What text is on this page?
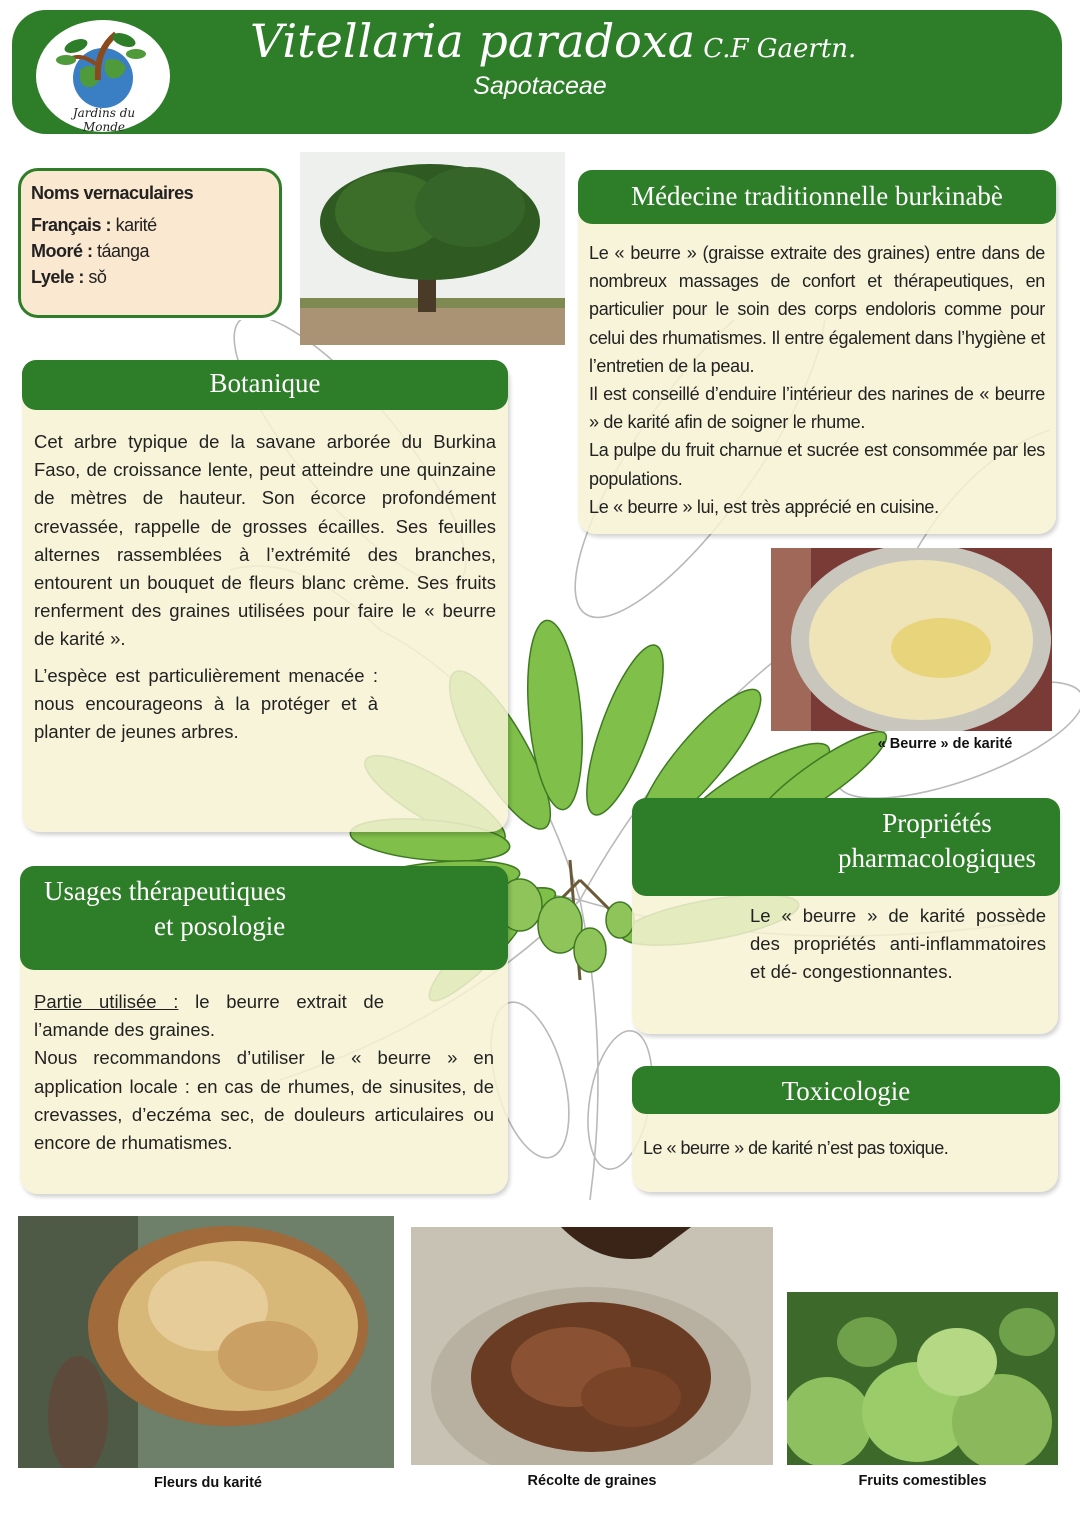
Jardins du Monde
Vitellaria paradoxa C.F Gaertn.
Sapotaceae
Noms vernaculaires
Français : karité
Mooré : táanga
Lyele : sǒ
Botanique

Cet arbre typique de la savane arborée du Burkina Faso, de croissance lente, peut atteindre une quinzaine de mètres de hauteur. Son écorce profondément crevassée, rappelle de grosses écailles. Ses feuilles alternes rassemblées à l’extrémité des branches, entourent un bouquet de fleurs blanc crème. Ses fruits renferment des graines utilisées pour faire le « beurre de karité ».

L’espèce est particulièrement menacée : nous encourageons à la protéger et à planter de jeunes arbres.

Médecine traditionnelle burkinabè
Le « beurre » (graisse extraite des graines) entre dans de nombreux massages de confort et thérapeutiques, en particulier pour le soin des corps endoloris comme pour celui des rhumatismes. Il entre également dans l’hygiène et l’entretien de la peau.
Il est conseillé d’enduire l’intérieur des narines de « beurre » de karité afin de soigner le rhume.
La pulpe du fruit charnue et sucrée est consommée par les populations.
Le « beurre » lui, est très apprécié en cuisine.
« Beurre » de karité
Usages thérapeutiques
et posologie
Partie utilisée : le beurre extrait de l’amande des graines.
Nous recommandons d’utiliser le « beurre » en application locale : en cas de rhumes, de sinusites, de crevasses, d’eczéma sec, de douleurs articulaires ou encore de rhumatismes.
Propriétés
pharmacologiques
Le « beurre » de karité possède des propriétés anti-inflammatoires et dé- congestionnantes.
Toxicologie
Le « beurre » de karité n’est pas toxique.
Fleurs du karité	Récolte de graines	Fruits comestibles
